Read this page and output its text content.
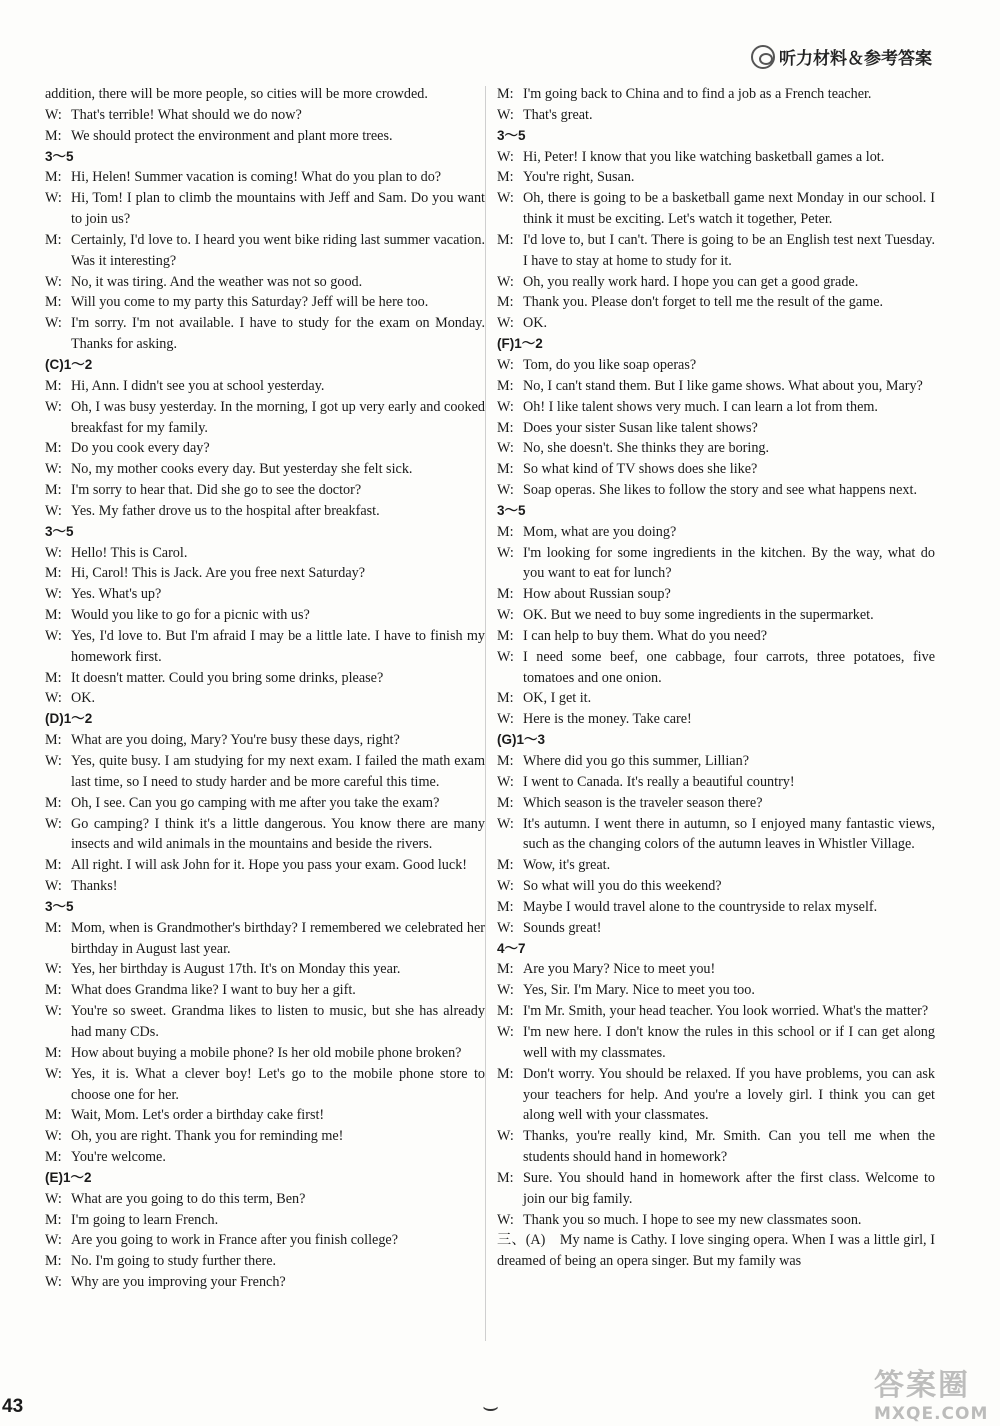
听力材料＆参考答案
addition, there will be more people, so cities will be more crowded.
W: That's terrible! What should we do now?
M: We should protect the environment and plant more trees.
3～5
M: Hi, Helen! Summer vacation is coming! What do you plan to do?
W: Hi, Tom! I plan to climb the mountains with Jeff and Sam. Do you want to join us?
M: Certainly, I'd love to. I heard you went bike riding last summer vacation. Was it interesting?
W: No, it was tiring. And the weather was not so good.
M: Will you come to my party this Saturday? Jeff will be here too.
W: I'm sorry. I'm not available. I have to study for the exam on Monday. Thanks for asking.
(C)1～2
M: Hi, Ann. I didn't see you at school yesterday.
W: Oh, I was busy yesterday. In the morning, I got up very early and cooked breakfast for my family.
M: Do you cook every day?
W: No, my mother cooks every day. But yesterday she felt sick.
M: I'm sorry to hear that. Did she go to see the doctor?
W: Yes. My father drove us to the hospital after breakfast.
3～5
W: Hello! This is Carol.
M: Hi, Carol! This is Jack. Are you free next Saturday?
W: Yes. What's up?
M: Would you like to go for a picnic with us?
W: Yes, I'd love to. But I'm afraid I may be a little late. I have to finish my homework first.
M: It doesn't matter. Could you bring some drinks, please?
W: OK.
(D)1～2
M: What are you doing, Mary? You're busy these days, right?
W: Yes, quite busy. I am studying for my next exam. I failed the math exam last time, so I need to study harder and be more careful this time.
M: Oh, I see. Can you go camping with me after you take the exam?
W: Go camping? I think it's a little dangerous. You know there are many insects and wild animals in the mountains and beside the rivers.
M: All right. I will ask John for it. Hope you pass your exam. Good luck!
W: Thanks!
3～5
M: Mom, when is Grandmother's birthday? I remembered we celebrated her birthday in August last year.
W: Yes, her birthday is August 17th. It's on Monday this year.
M: What does Grandma like? I want to buy her a gift.
W: You're so sweet. Grandma likes to listen to music, but she has already had many CDs.
M: How about buying a mobile phone? Is her old mobile phone broken?
W: Yes, it is. What a clever boy! Let's go to the mobile phone store to choose one for her.
M: Wait, Mom. Let's order a birthday cake first!
W: Oh, you are right. Thank you for reminding me!
M: You're welcome.
(E)1～2
W: What are you going to do this term, Ben?
M: I'm going to learn French.
W: Are you going to work in France after you finish college?
M: No. I'm going to study further there.
W: Why are you improving your French?
M: I'm going back to China and to find a job as a French teacher.
W: That's great.
3～5
W: Hi, Peter! I know that you like watching basketball games a lot.
M: You're right, Susan.
W: Oh, there is going to be a basketball game next Monday in our school. I think it must be exciting. Let's watch it together, Peter.
M: I'd love to, but I can't. There is going to be an English test next Tuesday. I have to stay at home to study for it.
W: Oh, you really work hard. I hope you can get a good grade.
M: Thank you. Please don't forget to tell me the result of the game.
W: OK.
(F)1～2
W: Tom, do you like soap operas?
M: No, I can't stand them. But I like game shows. What about you, Mary?
W: Oh! I like talent shows very much. I can learn a lot from them.
M: Does your sister Susan like talent shows?
W: No, she doesn't. She thinks they are boring.
M: So what kind of TV shows does she like?
W: Soap operas. She likes to follow the story and see what happens next.
3～5
M: Mom, what are you doing?
W: I'm looking for some ingredients in the kitchen. By the way, what do you want to eat for lunch?
M: How about Russian soup?
W: OK. But we need to buy some ingredients in the supermarket.
M: I can help to buy them. What do you need?
W: I need some beef, one cabbage, four carrots, three potatoes, five tomatoes and one onion.
M: OK, I get it.
W: Here is the money. Take care!
(G)1～3
M: Where did you go this summer, Lillian?
W: I went to Canada. It's really a beautiful country!
M: Which season is the traveler season there?
W: It's autumn. I went there in autumn, so I enjoyed many fantastic views, such as the changing colors of the autumn leaves in Whistler Village.
M: Wow, it's great.
W: So what will you do this weekend?
M: Maybe I would travel alone to the countryside to relax myself.
W: Sounds great!
4～7
M: Are you Mary? Nice to meet you!
W: Yes, Sir. I'm Mary. Nice to meet you too.
M: I'm Mr. Smith, your head teacher. You look worried. What's the matter?
W: I'm new here. I don't know the rules in this school or if I can get along well with my classmates.
M: Don't worry. You should be relaxed. If you have problems, you can ask your teachers for help. And you're a lovely girl. I think you can get along well with your classmates.
W: Thanks, you're really kind, Mr. Smith. Can you tell me when the students should hand in homework?
M: Sure. You should hand in homework after the first class. Welcome to join our big family.
W: Thank you so much. I hope to see my new classmates soon.
三、(A)　My name is Cathy. I love singing opera. When I was a little girl, I dreamed of being an opera singer. But my family was
43	⌣
答案圈
MXQE.COM
